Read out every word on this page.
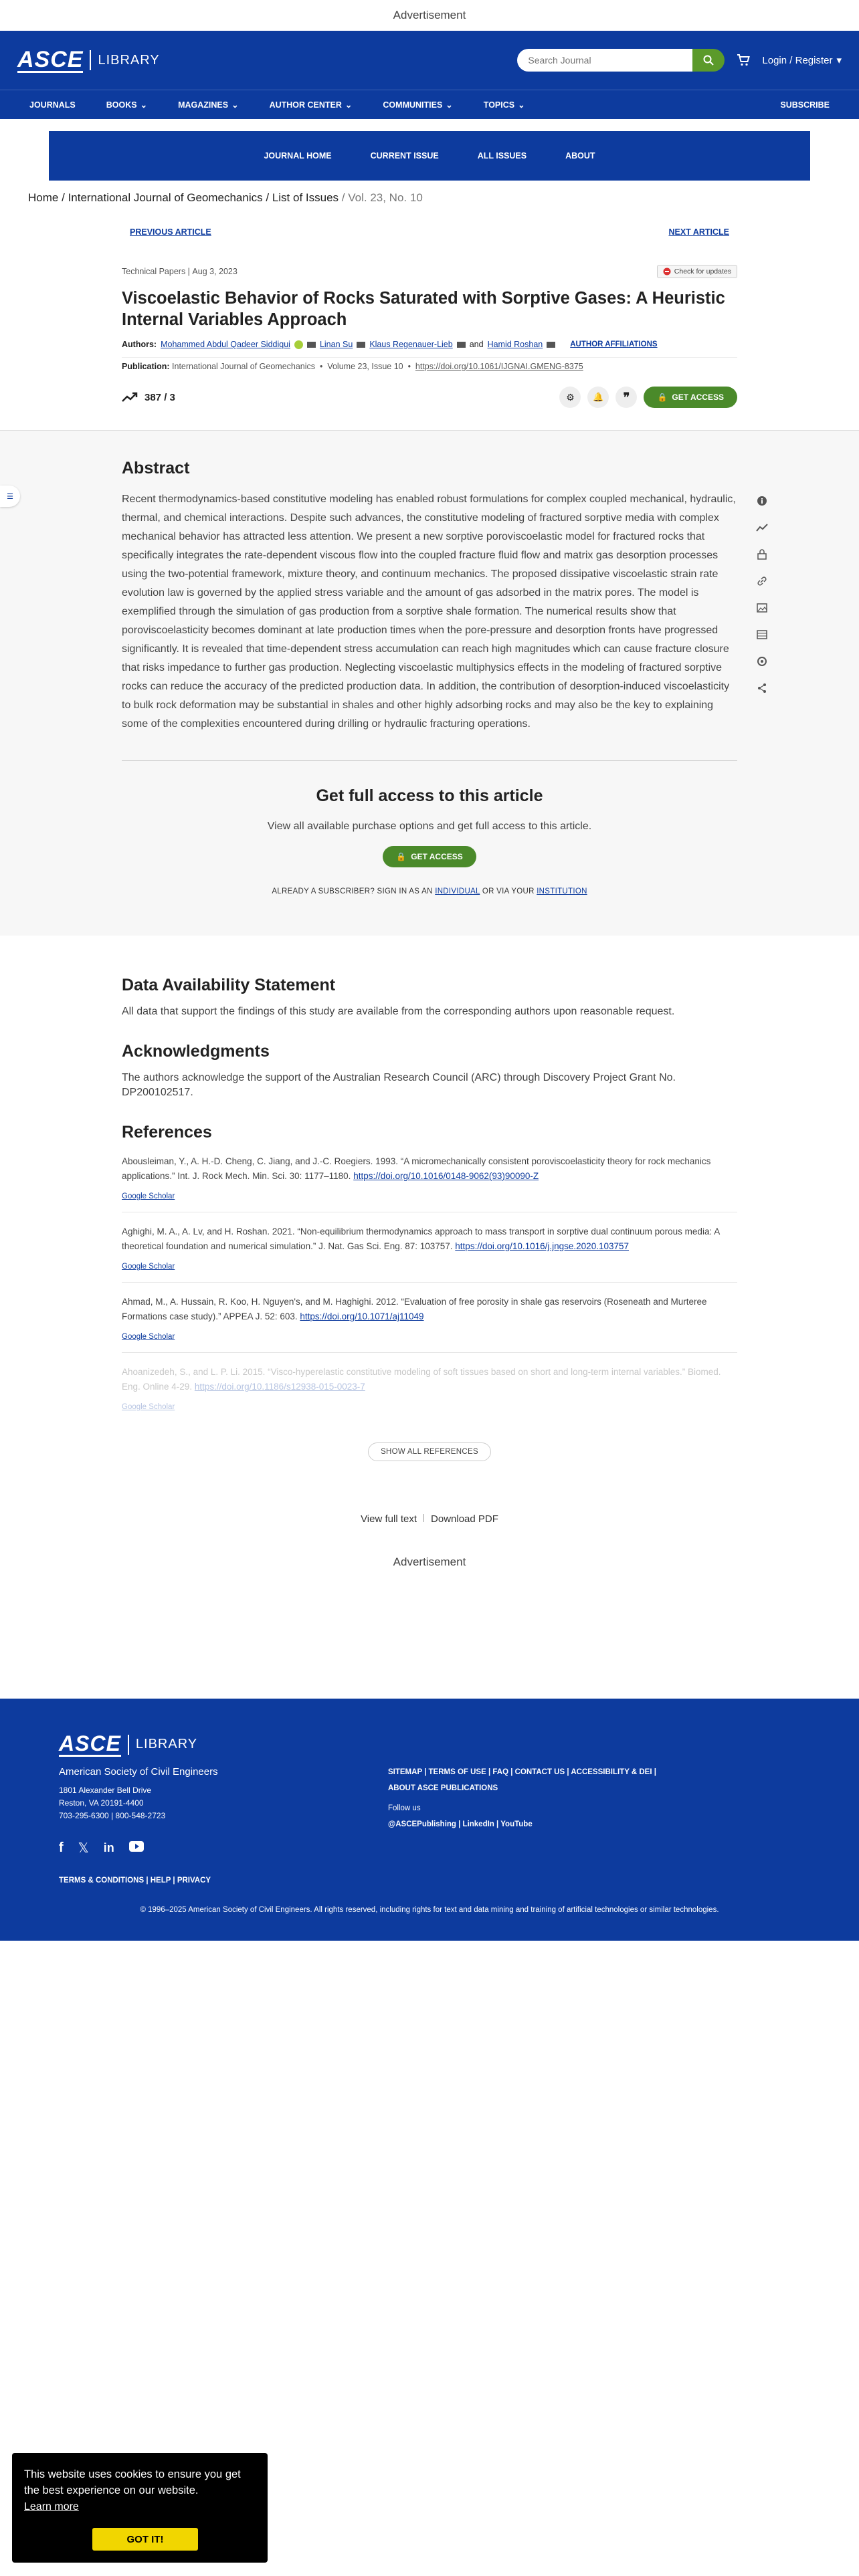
Advertisement
ASCE LIBRARY
Search Journal	Login / Register ▾
JOURNALS	BOOKS ⌄	MAGAZINES ⌄	AUTHOR CENTER ⌄	COMMUNITIES ⌄	TOPICS ⌄	SUBSCRIBE
JOURNAL HOME	CURRENT ISSUE	ALL ISSUES	ABOUT
Home / International Journal of Geomechanics / List of Issues / Vol. 23, No. 10
PREVIOUS ARTICLE	NEXT ARTICLE
Technical Papers | Aug 3, 2023	Check for updates
Viscoelastic Behavior of Rocks Saturated with Sorptive Gases: A Heuristic Internal Variables Approach
Authors: Mohammed Abdul Qadeer Siddiqui	Linan Su Klaus Regenauer-Lieb and Hamid Roshan	AUTHOR AFFILIATIONS
Publication: International Journal of Geomechanics  •  Volume 23, Issue 10  •  https://doi.org/10.1061/IJGNAI.GMENG-8375
387 / 3	⚙ 🔔 ❞	🔒 GET ACCESS
☰
Abstract

Recent thermodynamics-based constitutive modeling has enabled robust formulations for complex coupled mechanical, hydraulic, thermal, and chemical interactions. Despite such advances, the constitutive modeling of fractured sorptive media with complex mechanical behavior has attracted less attention. We present a new sorptive poroviscoelastic model for fractured rocks that specifically integrates the rate-dependent viscous flow into the coupled fracture fluid flow and matrix gas desorption processes using the two-potential framework, mixture theory, and continuum mechanics. The proposed dissipative viscoelastic strain rate evolution law is governed by the applied stress variable and the amount of gas adsorbed in the matrix pores. The model is exemplified through the simulation of gas production from a sorptive shale formation. The numerical results show that poroviscoelasticity becomes dominant at late production times when the pore-pressure and desorption fronts have progressed significantly. It is revealed that time-dependent stress accumulation can reach high magnitudes which can cause fracture closure that risks impedance to further gas production. Neglecting viscoelastic multiphysics effects in the modeling of fractured sorptive rocks can reduce the accuracy of the predicted production data. In addition, the contribution of desorption-induced viscoelasticity to bulk rock deformation may be substantial in shales and other highly adsorbing rocks and may also be the key to explaining some of the complexities encountered during drilling or hydraulic fracturing operations.

Get full access to this article

View all available purchase options and get full access to this article.

🔒 GET ACCESS
ALREADY A SUBSCRIBER? SIGN IN AS AN INDIVIDUAL OR VIA YOUR INSTITUTION
Data Availability Statement

All data that support the findings of this study are available from the corresponding authors upon reasonable request.

Acknowledgments

The authors acknowledge the support of the Australian Research Council (ARC) through Discovery Project Grant No. DP200102517.

References
Abousleiman, Y., A. H.-D. Cheng, C. Jiang, and J.-C. Roegiers. 1993. “A micromechanically consistent poroviscoelasticity theory for rock mechanics applications.” Int. J. Rock Mech. Min. Sci. 30: 1177–1180. https://doi.org/10.1016/0148-9062(93)90090-Z
Google Scholar
Aghighi, M. A., A. Lv, and H. Roshan. 2021. “Non-equilibrium thermodynamics approach to mass transport in sorptive dual continuum porous media: A theoretical foundation and numerical simulation.” J. Nat. Gas Sci. Eng. 87: 103757. https://doi.org/10.1016/j.jngse.2020.103757
Google Scholar
Ahmad, M., A. Hussain, R. Koo, H. Nguyen's, and M. Haghighi. 2012. “Evaluation of free porosity in shale gas reservoirs (Roseneath and Murteree Formations case study).” APPEA J. 52: 603. https://doi.org/10.1071/aj11049
Google Scholar
Ahoanizedeh, S., and L. P. Li. 2015. “Visco-hyperelastic constitutive modeling of soft tissues based on short and long-term internal variables.” Biomed. Eng. Online 4-29. https://doi.org/10.1186/s12938-015-0023-7
Google Scholar
SHOW ALL REFERENCES
View full text Download PDF
Advertisement
ASCE LIBRARY
American Society of Civil Engineers
1801 Alexander Bell Drive
Reston, VA 20191-4400
703-295-6300 | 800-548-2723
f 𝕏 in
TERMS & CONDITIONS | HELP | PRIVACY
SITEMAP | TERMS OF USE | FAQ | CONTACT US | ACCESSIBILITY & DEI |
ABOUT ASCE PUBLICATIONS
Follow us
@ASCEPublishing | LinkedIn | YouTube
© 1996–2025 American Society of Civil Engineers. All rights reserved, including rights for text and data mining and training of artificial technologies or similar technologies.

This website uses cookies to ensure you get the best experience on our website.

Learn more
GOT IT!
